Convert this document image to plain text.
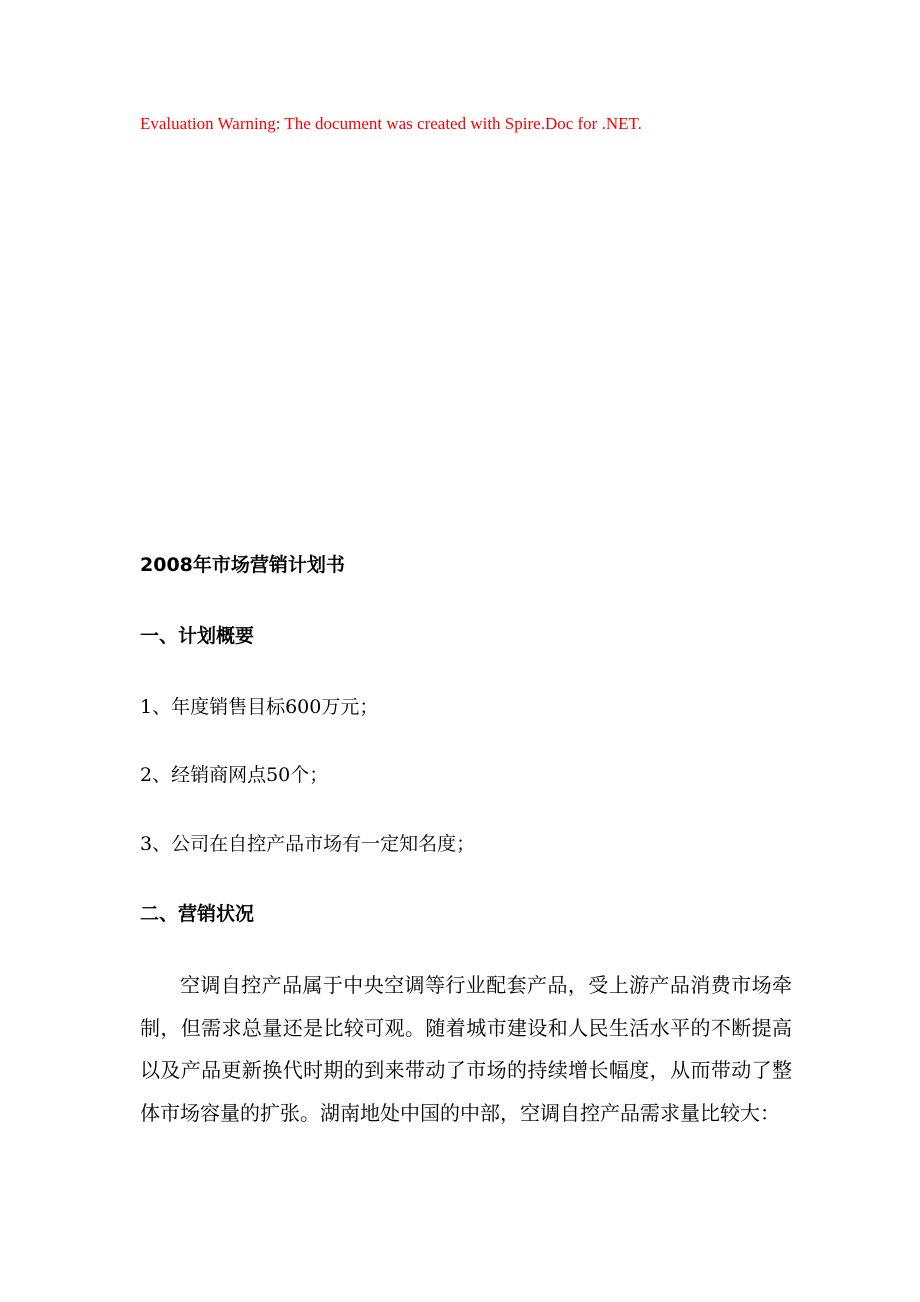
Evaluation Warning: The document was created with Spire.Doc for .NET.
2008年市场营销计划书
一、计划概要
1、年度销售目标600万元；
2、经销商网点50个；
3、公司在自控产品市场有一定知名度；
二、营销状况
空调自控产品属于中央空调等行业配套产品，受上游产品消费市场牵制，但需求总量还是比较可观。随着城市建设和人民生活水平的不断提高以及产品更新换代时期的到来带动了市场的持续增长幅度，从而带动了整体市场容量的扩张。湖南地处中国的中部，空调自控产品需求量比较大：
